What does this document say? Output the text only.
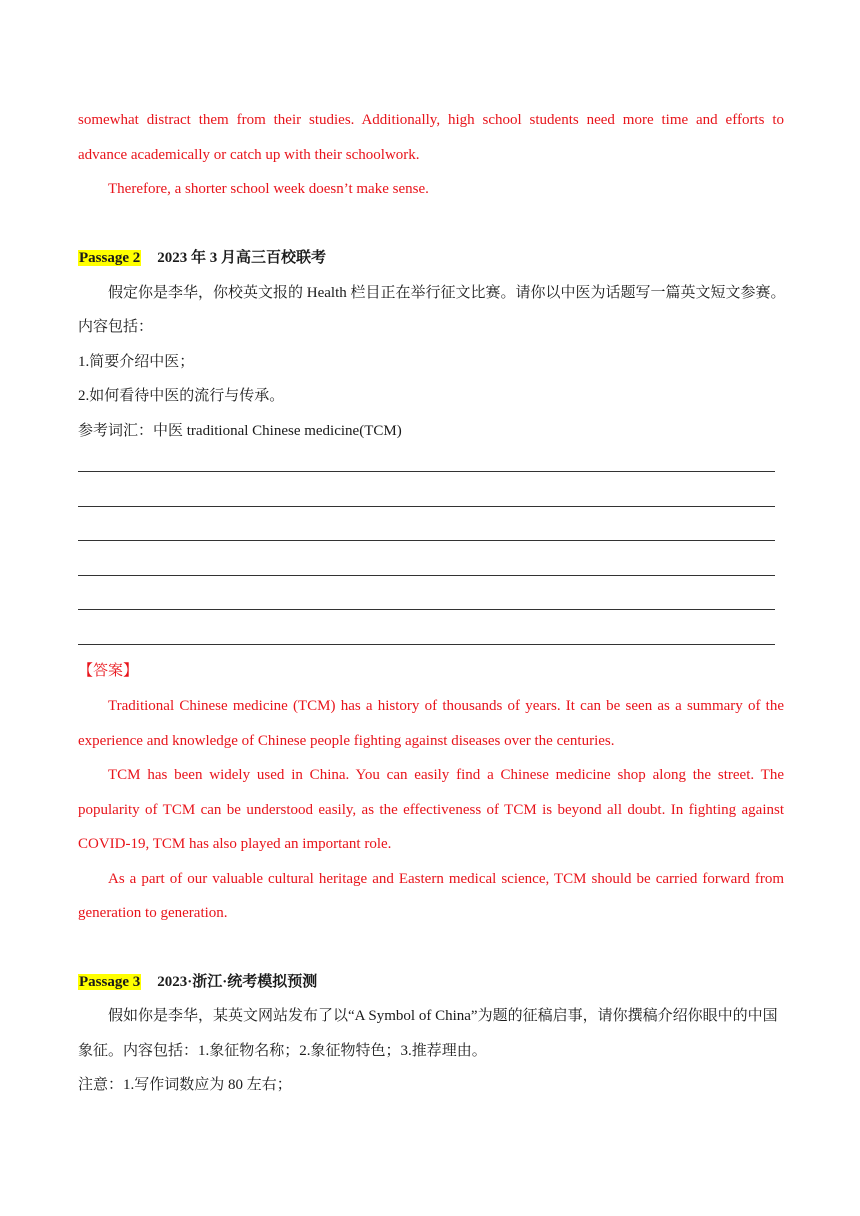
somewhat distract them from their studies. Additionally, high school students need more time and efforts to

advance academically or catch up with their schoolwork.

Therefore, a shorter school week doesn’t make sense.

Passage 2 2023 年 3 月高三百校联考

假定你是李华，你校英文报的 Health 栏目正在举行征文比赛。请你以中医为话题写一篇英文短文参赛。

内容包括：

1.简要介绍中医；

2.如何看待中医的流行与传承。

参考词汇：中医 traditional Chinese medicine(TCM)

【答案】

Traditional Chinese medicine (TCM) has a history of thousands of years. It can be seen as a summary of the

experience and knowledge of Chinese people fighting against diseases over the centuries.

TCM has been widely used in China. You can easily find a Chinese medicine shop along the street. The

popularity of TCM can be understood easily, as the effectiveness of TCM is beyond all doubt. In fighting against

COVID-19, TCM has also played an important role.

As a part of our valuable cultural heritage and Eastern medical science, TCM should be carried forward from

generation to generation.

Passage 3 2023·浙江·统考模拟预测

假如你是李华，某英文网站发布了以“A Symbol of China”为题的征稿启事，请你撰稿介绍你眼中的中国

象征。内容包括：1.象征物名称；2.象征物特色；3.推荐理由。

注意：1.写作词数应为 80 左右；
